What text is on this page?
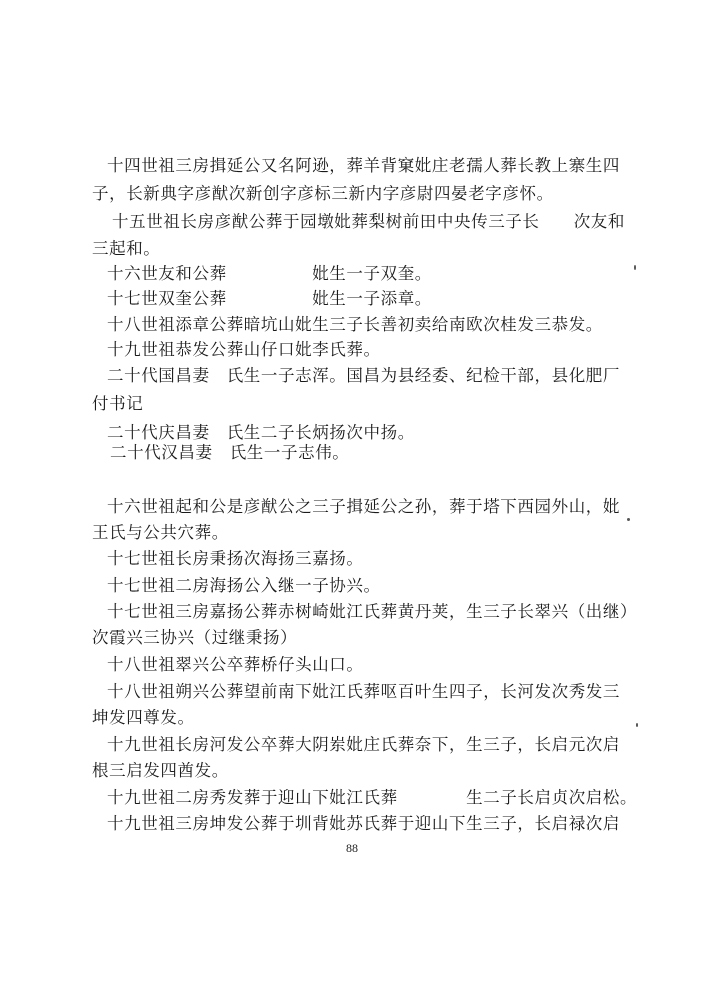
十四世祖三房揖延公又名阿逊，葬羊背窠妣庄老孺人葬长教上寨生四
子，长新典字彦猷次新创字彦标三新内字彦尉四晏老字彦怀。
十五世祖长房彦猷公葬于园墩妣葬梨树前田中央传三子长　　次友和
三起和。
十六世友和公葬　　　　　妣生一子双奎。
十七世双奎公葬　　　　　妣生一子添章。
十八世祖添章公葬暗坑山妣生三子长善初卖给南欧次桂发三恭发。
十九世祖恭发公葬山仔口妣李氏葬。
二十代国昌妻　氏生一子志浑。国昌为县经委、纪检干部，县化肥厂
付书记
二十代庆昌妻　氏生二子长炳扬次中扬。
二十代汉昌妻　氏生一子志伟。
十六世祖起和公是彦猷公之三子揖延公之孙，葬于塔下西园外山，妣
王氏与公共穴葬。
十七世祖长房秉扬次海扬三嘉扬。
十七世祖二房海扬公入继一子协兴。
十七世祖三房嘉扬公葬赤树崎妣江氏葬黄丹荚，生三子长翠兴（出继）
次霞兴三协兴（过继秉扬）
十八世祖翠兴公卒葬桥仔头山口。
十八世祖朔兴公葬望前南下妣江氏葬呕百叶生四子，长河发次秀发三
坤发四尊发。
十九世祖长房河发公卒葬大阴岽妣庄氏葬奈下，生三子，长启元次启
根三启发四酋发。
十九世祖二房秀发葬于迎山下妣江氏葬　　　　生二子长启贞次启松。
十九世祖三房坤发公葬于圳背妣苏氏葬于迎山下生三子，长启禄次启
88
